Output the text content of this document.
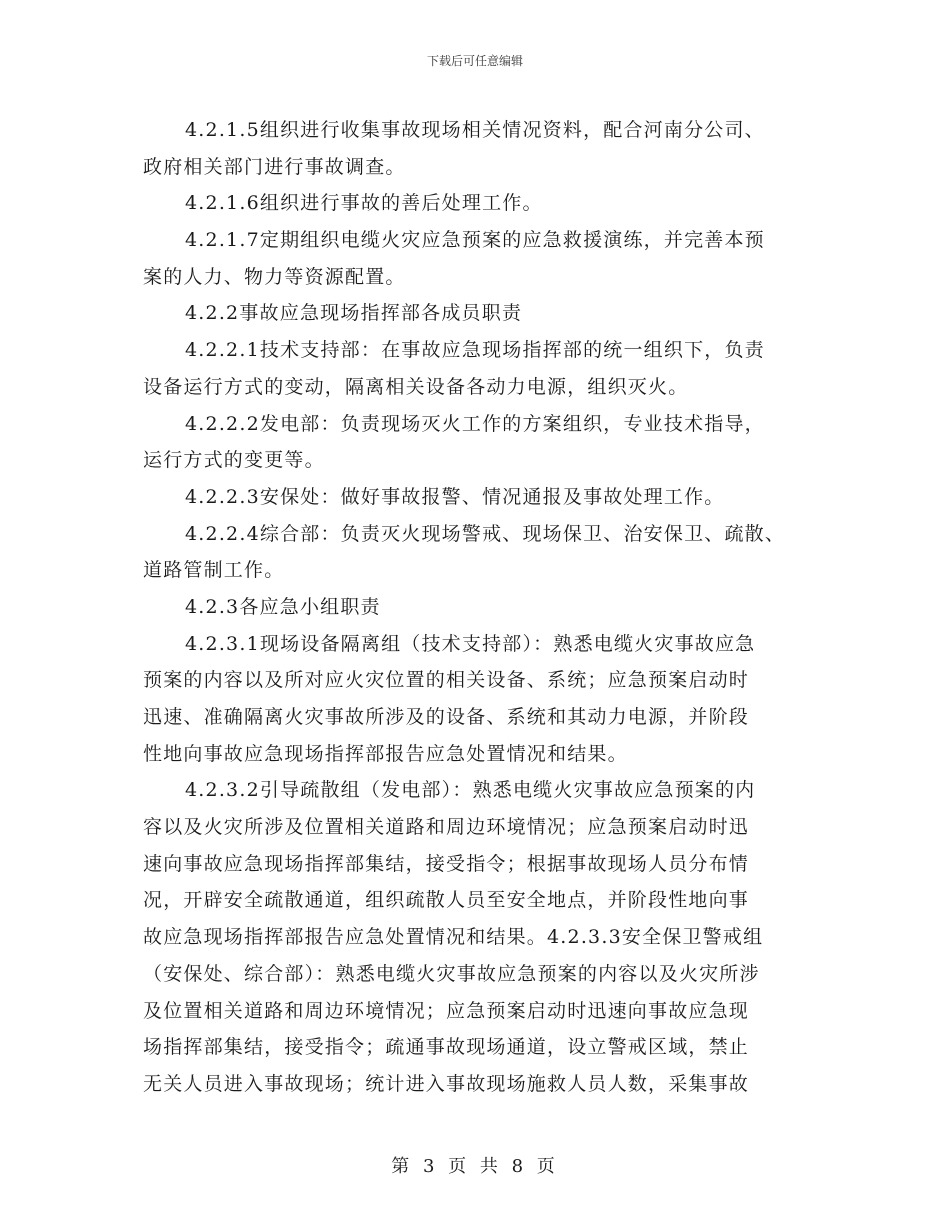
下载后可任意编辑
4.2.1.5组织进行收集事故现场相关情况资料，配合河南分公司、
政府相关部门进行事故调查。
4.2.1.6组织进行事故的善后处理工作。
4.2.1.7定期组织电缆火灾应急预案的应急救援演练，并完善本预
案的人力、物力等资源配置。
4.2.2事故应急现场指挥部各成员职责
4.2.2.1技术支持部：在事故应急现场指挥部的统一组织下，负责
设备运行方式的变动，隔离相关设备各动力电源，组织灭火。
4.2.2.2发电部：负责现场灭火工作的方案组织，专业技术指导，
运行方式的变更等。
4.2.2.3安保处：做好事故报警、情况通报及事故处理工作。
4.2.2.4综合部：负责灭火现场警戒、现场保卫、治安保卫、疏散、
道路管制工作。
4.2.3各应急小组职责
4.2.3.1现场设备隔离组（技术支持部）：熟悉电缆火灾事故应急
预案的内容以及所对应火灾位置的相关设备、系统；应急预案启动时
迅速、准确隔离火灾事故所涉及的设备、系统和其动力电源，并阶段
性地向事故应急现场指挥部报告应急处置情况和结果。
4.2.3.2引导疏散组（发电部）：熟悉电缆火灾事故应急预案的内
容以及火灾所涉及位置相关道路和周边环境情况；应急预案启动时迅
速向事故应急现场指挥部集结，接受指令；根据事故现场人员分布情
况，开辟安全疏散通道，组织疏散人员至安全地点，并阶段性地向事
故应急现场指挥部报告应急处置情况和结果。4.2.3.3安全保卫警戒组
（安保处、综合部）：熟悉电缆火灾事故应急预案的内容以及火灾所涉
及位置相关道路和周边环境情况；应急预案启动时迅速向事故应急现
场指挥部集结，接受指令；疏通事故现场通道，设立警戒区域，禁止
无关人员进入事故现场；统计进入事故现场施救人员人数，采集事故
第 3 页 共 8 页
